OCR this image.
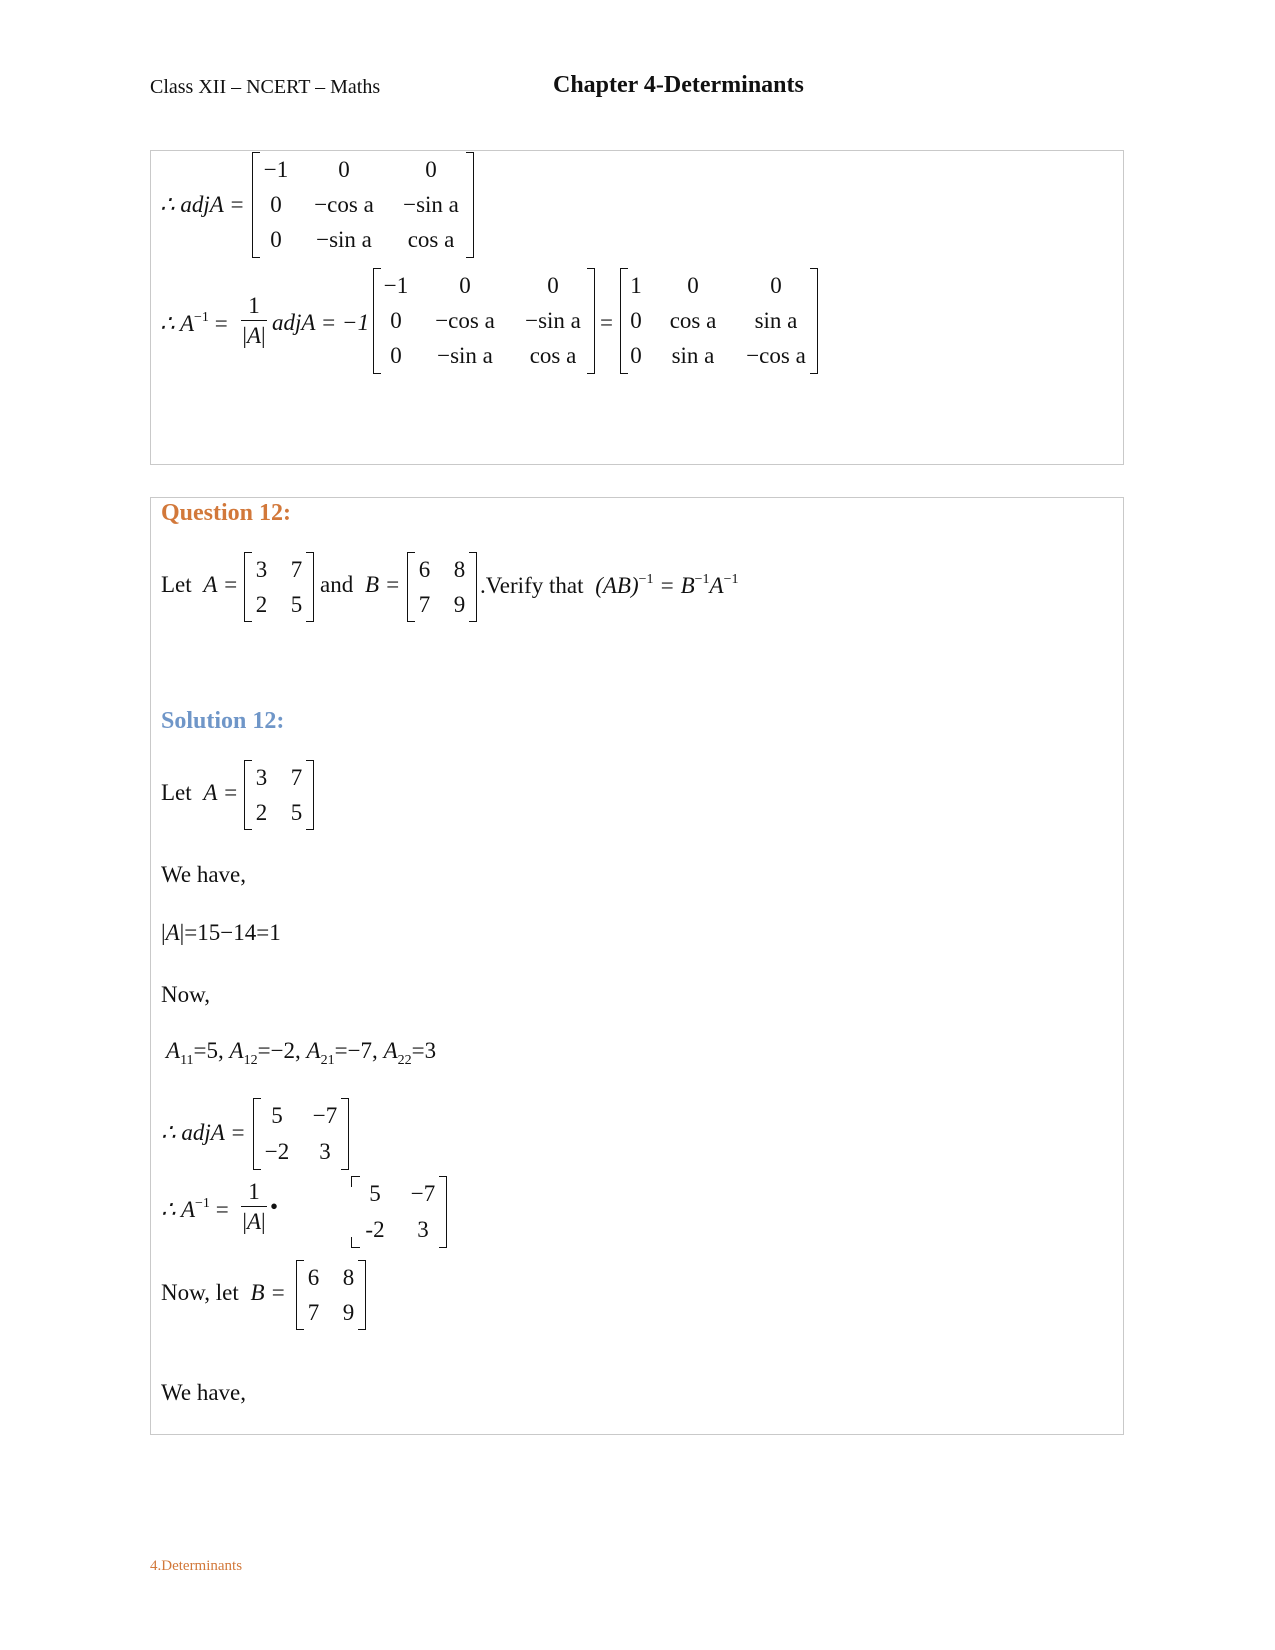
Class XII – NCERT – Maths	Chapter 4-Determinants
∴ adjA =
−1	0	0
0	−cos a	−sin a
0	−sin a	cos a
∴ $A^{-1}$ =
1
| A |
adjA = −1
−1	0	0
0	−cos a	−sin a
0	−sin a	cos a
=
1	0	0
0	cos a	sin a
0	sin a	−cos a
Question 12:
Let A =
3	7
2	5
and B =
6	8
7	9
.Verify that $(AB)^{-1} = B^{-1}A^{-1}$
Solution 12:
Let A =
3	7
2	5
We have,
|A|=15−14=1
Now,
$A_{11}=5$, $A_{12}=-2$, $A_{21}=-7$, $A_{22}=3$
∴ adjA =
5	−7
−2	3
∴ $A^{-1}$ =
1
| A |
•
5	−7
-2	3
Now, let B =
6	8
7	9
We have,
4.Determinants
